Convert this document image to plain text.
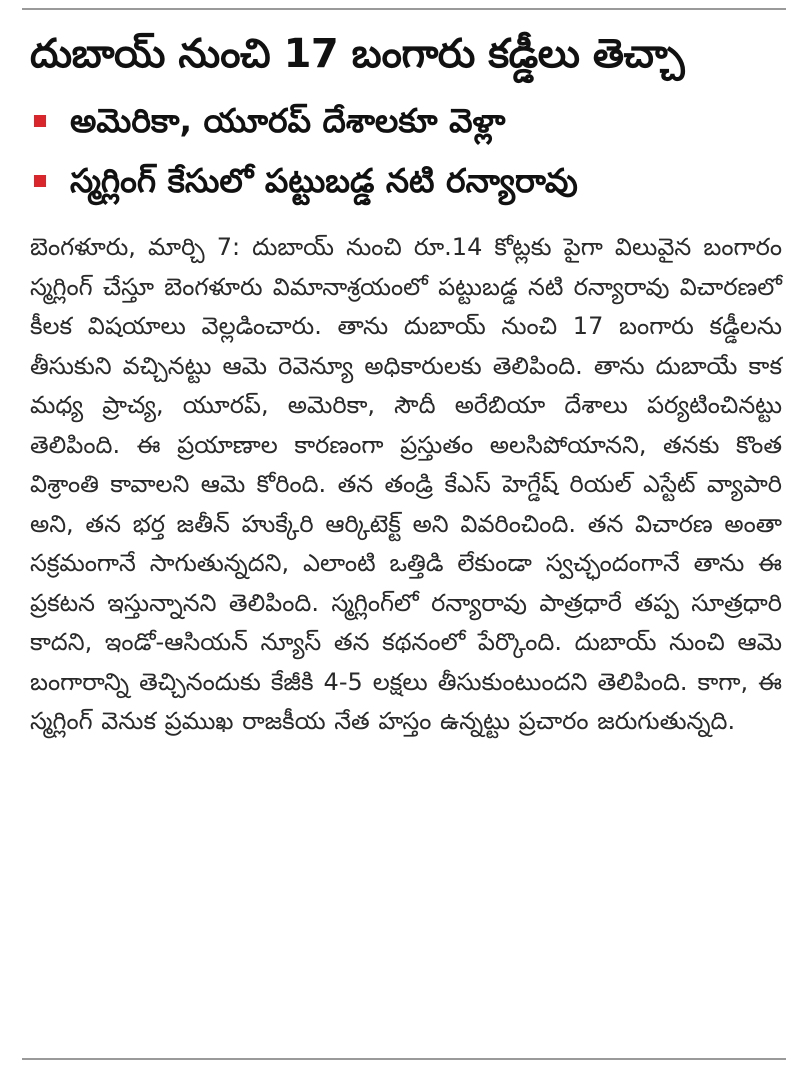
దుబాయ్ నుంచి 17 బంగారు కడ్డీలు తెచ్చా
అమెరికా, యూరప్ దేశాలకూ వెళ్లా
స్మగ్లింగ్ కేసులో పట్టుబడ్డ నటి రన్యారావు

బెంగళూరు, మార్చి 7: దుబాయ్ నుంచి రూ.14 కోట్లకు పైగా విలువైన బంగారం స్మగ్లింగ్ చేస్తూ బెంగళూరు విమానాశ్రయంలో పట్టుబడ్డ నటి రన్యారావు విచారణలో కీలక విషయాలు వెల్లడించారు. తాను దుబాయ్ నుంచి 17 బంగారు కడ్డీలను తీసుకుని వచ్చినట్టు ఆమె రెవెన్యూ అధికారులకు తెలిపింది. తాను దుబాయే కాక మధ్య ప్రాచ్య, యూరప్, అమెరికా, సౌదీ అరేబియా దేశాలు పర్యటించినట్టు తెలిపింది. ఈ ప్రయాణాల కారణంగా ప్రస్తుతం అలసిపోయానని, తనకు కొంత విశ్రాంతి కావాలని ఆమె కోరింది. తన తండ్రి కేఎస్ హెగ్డేష్ రియల్ ఎస్టేట్ వ్యాపారి అని, తన భర్త జతీన్ హుక్కేరి ఆర్కిటెక్ట్ అని వివరించింది. తన విచారణ అంతా సక్రమంగానే సాగుతున్నదని, ఎలాంటి ఒత్తిడి లేకుండా స్వచ్ఛందంగానే తాను ఈ ప్రకటన ఇస్తున్నానని తెలిపింది. స్మగ్లింగ్‌లో రన్యారావు పాత్రధారే తప్ప సూత్రధారి కాదని, ఇండో-ఆసియన్ న్యూస్ తన కథనంలో పేర్కొంది. దుబాయ్ నుంచి ఆమె బంగారాన్ని తెచ్చినందుకు కేజీకి 4-5 లక్షలు తీసుకుంటుందని తెలిపింది. కాగా, ఈ స్మగ్లింగ్ వెనుక ప్రముఖ రాజకీయ నేత హస్తం ఉన్నట్టు ప్రచారం జరుగుతున్నది.
